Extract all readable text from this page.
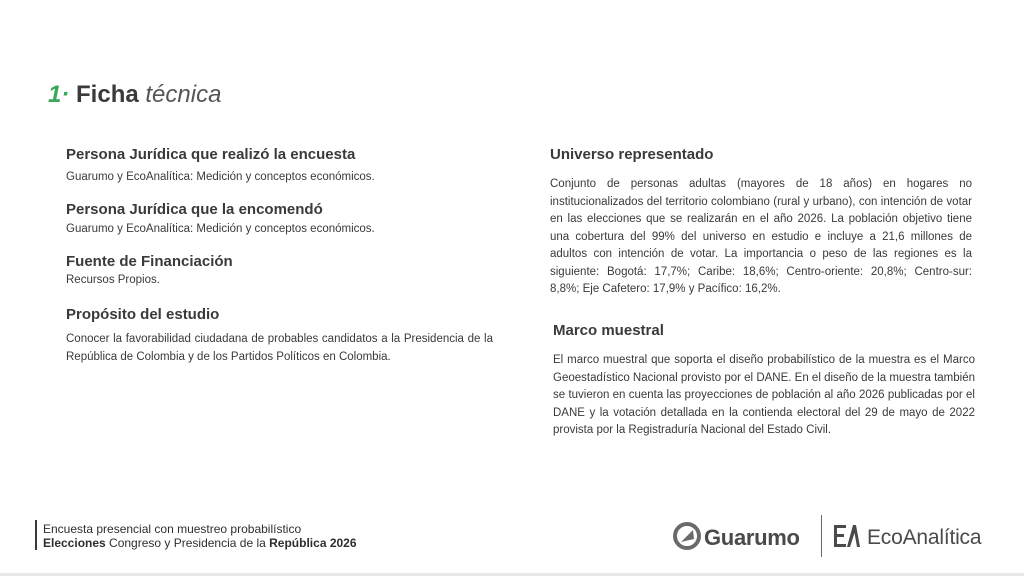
1· Ficha técnica

Persona Jurídica que realizó la encuesta

Guarumo y EcoAnalítica: Medición y conceptos económicos.

Persona Jurídica que la encomendó

Guarumo y EcoAnalítica: Medición y conceptos económicos.

Fuente de Financiación

Recursos Propios.

Propósito del estudio

Conocer la favorabilidad ciudadana de probables candidatos a la Presidencia de la República de Colombia y de los Partidos Políticos en Colombia.

Universo representado

Conjunto de personas adultas (mayores de 18 años) en hogares no institucionalizados del territorio colombiano (rural y urbano), con intención de votar en las elecciones que se realizarán en el año 2026. La población objetivo tiene una cobertura del 99% del universo en estudio e incluye a 21,6 millones de adultos con intención de votar. La importancia o peso de las regiones es la siguiente: Bogotá: 17,7%; Caribe: 18,6%; Centro-oriente: 20,8%; Centro-sur: 8,8%; Eje Cafetero: 17,9% y Pacífico: 16,2%.

Marco muestral

El marco muestral que soporta el diseño probabilístico de la muestra es el Marco Geoestadístico Nacional provisto por el DANE. En el diseño de la muestra también se tuvieron en cuenta las proyecciones de población al año 2026 publicadas por el DANE y la votación detallada en la contienda electoral del 29 de mayo de 2022 provista por la Registraduría Nacional del Estado Civil.

Encuesta presencial con muestreo probabilístico
Elecciones Congreso y Presidencia de la República 2026	Guarumo	EcoAnalítica
